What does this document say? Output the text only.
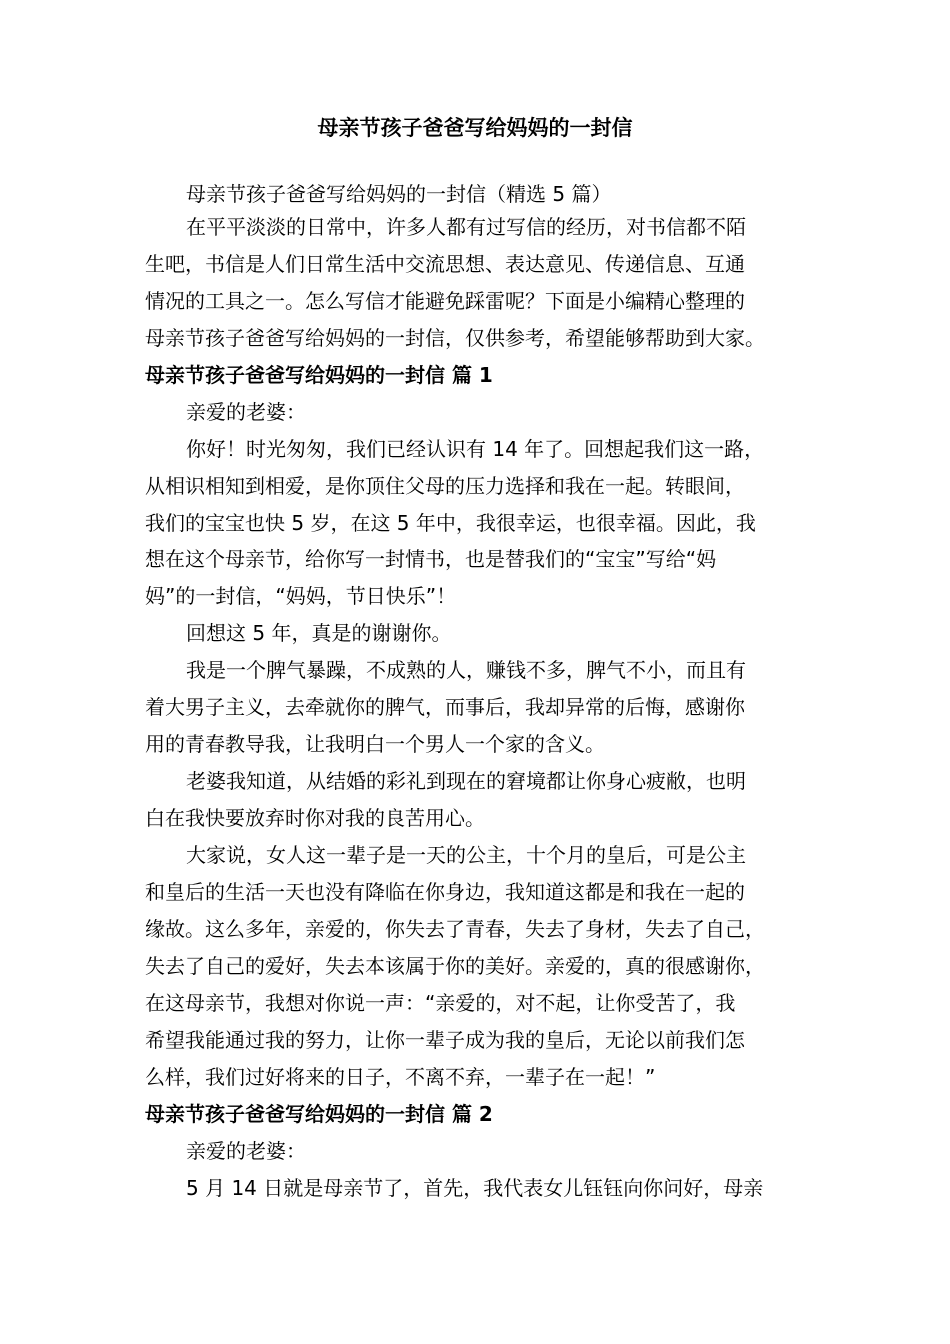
母亲节孩子爸爸写给妈妈的一封信
母亲节孩子爸爸写给妈妈的一封信（精选 5 篇）
在平平淡淡的日常中，许多人都有过写信的经历，对书信都不陌
生吧，书信是人们日常生活中交流思想、表达意见、传递信息、互通
情况的工具之一。怎么写信才能避免踩雷呢？下面是小编精心整理的
母亲节孩子爸爸写给妈妈的一封信，仅供参考，希望能够帮助到大家。
母亲节孩子爸爸写给妈妈的一封信 篇 1
亲爱的老婆：
你好！时光匆匆，我们已经认识有 14 年了。回想起我们这一路，
从相识相知到相爱，是你顶住父母的压力选择和我在一起。转眼间，
我们的宝宝也快 5 岁，在这 5 年中，我很幸运，也很幸福。因此，我
想在这个母亲节，给你写一封情书，也是替我们的“宝宝”写给“妈
妈”的一封信，“妈妈，节日快乐”！
回想这 5 年，真是的谢谢你。
我是一个脾气暴躁，不成熟的人，赚钱不多，脾气不小，而且有
着大男子主义，去牵就你的脾气，而事后，我却异常的后悔，感谢你
用的青春教导我，让我明白一个男人一个家的含义。
老婆我知道，从结婚的彩礼到现在的窘境都让你身心疲敝，也明
白在我快要放弃时你对我的良苦用心。
大家说，女人这一辈子是一天的公主，十个月的皇后，可是公主
和皇后的生活一天也没有降临在你身边，我知道这都是和我在一起的
缘故。这么多年，亲爱的，你失去了青春，失去了身材，失去了自己，
失去了自己的爱好，失去本该属于你的美好。亲爱的，真的很感谢你，
在这母亲节，我想对你说一声：“亲爱的，对不起，让你受苦了，我
希望我能通过我的努力，让你一辈子成为我的皇后，无论以前我们怎
么样，我们过好将来的日子，不离不弃，一辈子在一起！”
母亲节孩子爸爸写给妈妈的一封信 篇 2
亲爱的老婆：
5 月 14 日就是母亲节了，首先，我代表女儿钰钰向你问好，母亲
